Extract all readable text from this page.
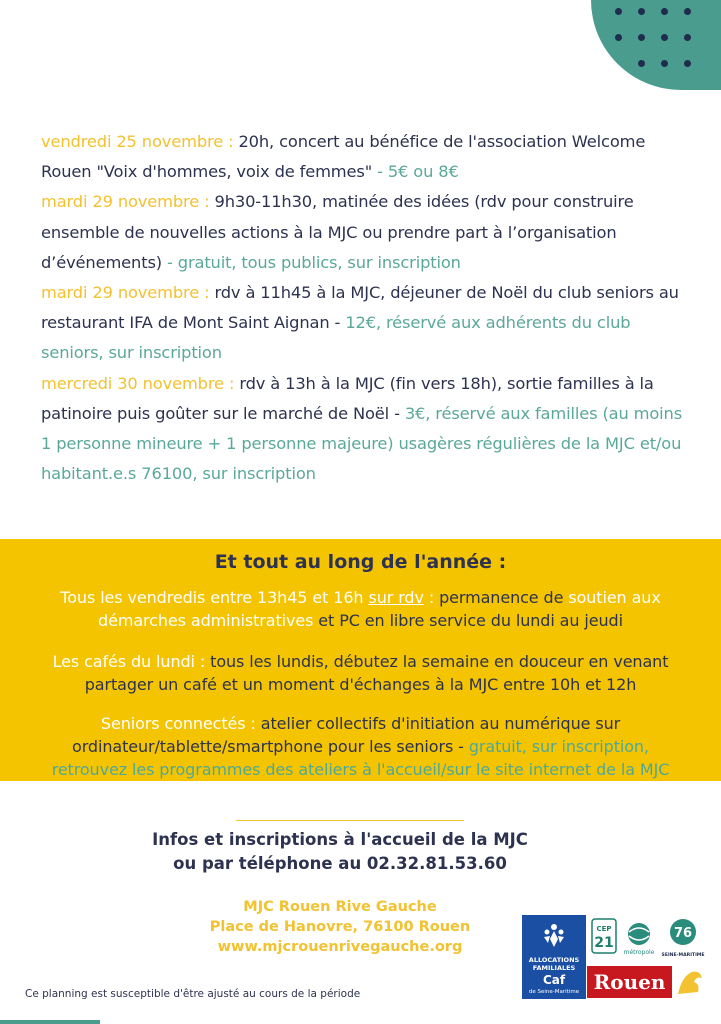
vendredi 25 novembre : 20h, concert au bénéfice de l'association Welcome Rouen "Voix d'hommes, voix de femmes" - 5€ ou 8€
mardi 29 novembre : 9h30-11h30, matinée des idées (rdv pour construire ensemble de nouvelles actions à la MJC ou prendre part à l’organisation d’événements) - gratuit, tous publics, sur inscription
mardi 29 novembre : rdv à 11h45 à la MJC, déjeuner de Noël du club seniors au restaurant IFA de Mont Saint Aignan - 12€, réservé aux adhérents du club seniors, sur inscription
mercredi 30 novembre : rdv à 13h à la MJC (fin vers 18h), sortie familles à la patinoire puis goûter sur le marché de Noël - 3€, réservé aux familles (au moins 1 personne mineure + 1 personne majeure) usagères régulières de la MJC et/ou habitant.e.s 76100, sur inscription
Et tout au long de l'année :
Tous les vendredis entre 13h45 et 16h sur rdv : permanence de soutien aux
démarches administratives et PC en libre service du lundi au jeudi
Les cafés du lundi : tous les lundis, débutez la semaine en douceur en venant
partager un café et un moment d'échanges à la MJC entre 10h et 12h
Seniors connectés : atelier collectifs d'initiation au numérique sur
ordinateur/tablette/smartphone pour les seniors - gratuit, sur inscription,
retrouvez les programmes des ateliers à l'accueil/sur le site internet de la MJC
Infos et inscriptions à l'accueil de la MJC
ou par téléphone au 02.32.81.53.60
MJC Rouen Rive Gauche
Place de Hanovre, 76100 Rouen
www.mjcrouenrivegauche.org
Ce planning est susceptible d'être ajusté au cours de la période
ALLOCATIONS
FAMILIALES
Caf
de Seine-Maritime
CEP
21
métropole
76
SEINE-MARITIME
Rouen
